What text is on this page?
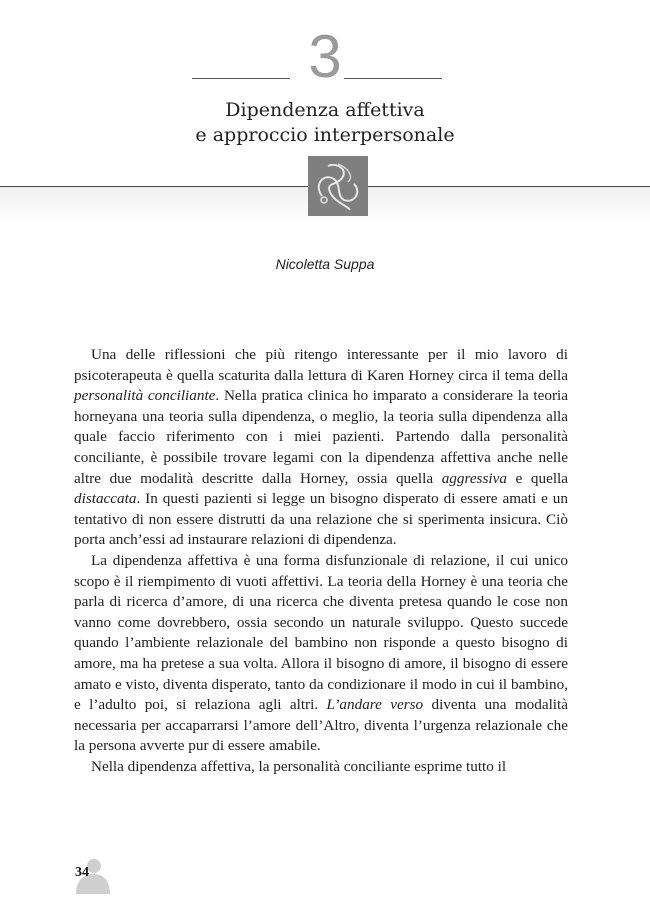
3
Dipendenza affettiva
e approccio interpersonale
Nicoletta Suppa

Una delle riflessioni che più ritengo interessante per il mio lavoro di psicoterapeuta è quella scaturita dalla lettura di Karen Horney circa il tema della personalità conciliante. Nella pratica clinica ho imparato a considerare la teoria horneyana una teoria sulla dipendenza, o meglio, la teoria sulla dipendenza alla quale faccio riferimento con i miei pazienti. Partendo dalla personalità conciliante, è possibile trovare legami con la dipendenza affettiva anche nelle altre due modalità descritte dalla Horney, ossia quella aggressiva e quella distaccata. In questi pazienti si legge un bisogno disperato di essere amati e un tentativo di non essere distrutti da una relazione che si sperimenta insicura. Ciò porta anch’essi ad instaurare relazioni di dipendenza.

La dipendenza affettiva è una forma disfunzionale di relazione, il cui unico scopo è il riempimento di vuoti affettivi. La teoria della Horney è una teoria che parla di ricerca d’amore, di una ricerca che diventa pretesa quando le cose non vanno come dovrebbero, ossia secondo un naturale sviluppo. Questo succede quando l’ambiente relazionale del bambino non risponde a questo bisogno di amore, ma ha pretese a sua volta. Allora il bisogno di amore, il bisogno di essere amato e visto, diventa disperato, tanto da condizionare il modo in cui il bambino, e l’adulto poi, si relaziona agli altri. L’andare verso diventa una modalità necessaria per accaparrarsi l’amore dell’Altro, diventa l’urgenza relazionale che la persona avverte pur di essere amabile.

Nella dipendenza affettiva, la personalità conciliante esprime tutto il

34
